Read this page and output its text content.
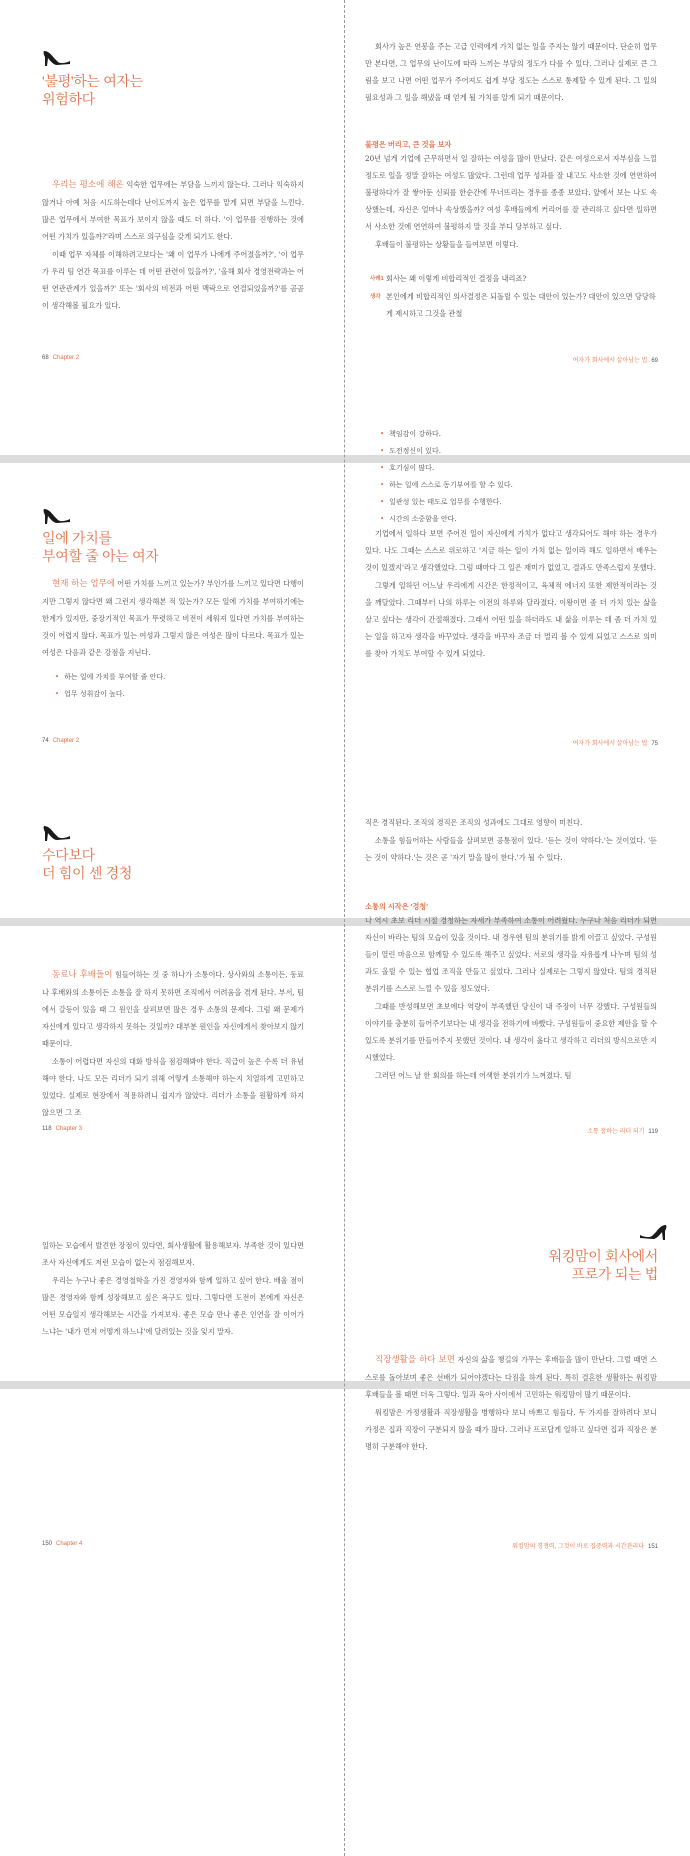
'불평'하는 여자는
위험하다

우리는 평소에 해온 익숙한 업무에는 부담을 느끼지 않는다. 그러나 익숙하지 않거나 아예 처음 시도하는데다 난이도까지 높은 업무를 맡게 되면 부담을 느낀다. 많은 업무에서 부여한 목표가 보이지 않을 때도 더 하다. '이 업무를 진행하는 것에 어떤 가치가 있을까?'라며 스스로 의구심을 갖게 되기도 한다.

이때 업무 자체를 이해하려고보다는 '왜 이 업무가 나에게 주어졌을까?', '이 업무가 우리 팀 연간 목표를 이루는 데 어떤 관련이 있을까?', '올해 회사 경영전략과는 어떤 연관관계가 있을까?' 또는 '회사의 비전과 어떤 맥락으로 연결되었을까?'를 곰곰이 생각해볼 필요가 있다.

68 Chapter 2

회사가 높은 연봉을 주는 고급 인력에게 가치 없는 일을 주지는 않기 때문이다. 단순히 업무만 본다면, 그 업무의 난이도에 따라 느끼는 부담의 정도가 다를 수 있다. 그러나 실제로 큰 그림을 보고 나면 어떤 업무가 주어져도 쉽게 부당 정도는 스스로 통제할 수 있게 된다. 그 일의 필요성과 그 일을 해냈을 때 얻게 될 가치를 알게 되기 때문이다.

불평은 버리고, 큰 것을 보자

20년 넘게 기업에 근무하면서 일 잘하는 여성을 많이 만났다. 같은 여성으로서 자부심을 느낄 정도로 일을 정말 잘하는 여성도 많았다. 그런데 업무 성과를 잘 내고도 사소한 것에 연연하여 불평하다가 잘 쌓아둔 신뢰를 한순간에 무너뜨리는 경우를 종종 보았다. 앞에서 보는 나도 속상했는데, 자신은 얼마나 속상했을까? 여성 후배들에게 커리어를 잘 관리하고 싶다면 일하면서 사소한 것에 연연하여 불평하지 말 것을 부디 당부하고 싶다.

후배들이 불평하는 상황들을 들여보면 이렇다.

사례1 회사는 왜 이렇게 비합리적인 결정을 내리죠?
생각 본인에게 비합리적인 의사결정은 되돌릴 수 있는 대안이 있는가? 대안이 있으면 당당하게 제시하고 그것을 관철
여자가 회사에서 살아남는 법 69
일에 가치를
부여할 줄 아는 여자

현재 하는 업무에 어떤 가치를 느끼고 있는가? 부인가를 느끼고 있다면 다행이지만 그렇지 않다면 왜 그런지 생각해본 적 있는가? 모든 일에 가치를 부여하기에는 한계가 있지만, 중장기적인 목표가 뚜렷하고 비전이 세워져 있다면 가치를 부여하는 것이 어렵지 않다. 목표가 있는 여성과 그렇지 않은 여성은 많이 다르다. 목표가 있는 여성은 다음과 같은 강점을 지닌다.

• 하는 일에 가치를 부여할 줄 안다.
• 업무 성취감이 높다.
74 Chapter 2
• 책임감이 강하다.
• 도전정신이 있다.
• 호기심이 많다.
• 하는 일에 스스로 동기부여를 할 수 있다.
• 일관성 있는 태도로 업무를 수행한다.
• 시간의 소중함을 안다.

기업에서 일하다 보면 주어진 일이 자신에게 가치가 없다고 생각되어도 해야 하는 경우가 있다. 나도 그때는 스스로 위로하고 '지금 하는 일이 가치 없는 일이라 해도 일하면서 배우는 것이 있겠지'라고 생각했었다. 그럼 때마다 그 일은 재미가 없었고, 결과도 만족스럽지 못했다.

그렇게 일하던 어느날 우리에게 시간은 한정적이고, 육체적 에너지 또한 제한적이라는 것을 깨달았다. 그때부터 나의 하루는 이전의 하루와 달라졌다. 이왕이면 좀 더 가치 있는 삶을 살고 싶다는 생각이 간절해졌다. 그래서 어떤 일을 하더라도 내 삶을 이루는 데 좀 더 가치 있는 일을 하고자 생각을 바꾸었다. 생각을 바꾸자 조금 더 멀리 볼 수 있게 되었고 스스로 의미를 찾아 가치도 부여할 수 있게 되었다.

여자가 회사에서 살아남는 법 75
수다보다
더 힘이 센 경청

동료나 후배들이 힘들어하는 것 중 하나가 소통이다. 상사와의 소통이든, 동료나 후배와의 소통이든 소통을 잘 하지 못하면 조직에서 어려움을 겪게 된다. 부서, 팀에서 갈등이 있을 때 그 원인을 살펴보면 많은 경우 소통의 문제다. 그럼 왜 문제가 자신에게 있다고 생각하지 못하는 것일까? 대부분 원인을 자신에게서 찾아보지 않기 때문이다.

소통이 어렵다면 자신의 대화 방식을 점검해봐야 한다. 직급이 높은 수록 더 유념해야 한다. 나도 모든 리더가 되기 위해 어떻게 소통해야 하는지 치열하게 고민하고 있었다. 실제로 현장에서 적용하려니 쉽지가 않았다. 리더가 소통을 원활하게 하지 않으면 그 조

118 Chapter 3

직은 경직된다. 조직의 경직은 조직의 성과에도 그대로 영향이 미친다.

소통을 힘들어하는 사람들을 살펴보면 공통점이 있다. '듣는 것이 약하다.'는 것이었다. '듣는 것이 약하다.'는 것은 곧 '자기 말을 많이 한다.'가 될 수 있다.

소통의 시작은 '경청'

나 역시 초보 리더 시절 경청하는 자세가 부족하여 소통이 어려웠다. 누구나 처음 리더가 되면 자신이 바라는 팀의 모습이 있을 것이다. 내 경우엔 팀의 분위기를 밝게 이끌고 싶었다. 구성원들이 열린 마음으로 함께할 수 있도록 해주고 싶었다. 서로의 생각을 자유롭게 나누며 팀의 성과도 올릴 수 있는 협업 조직을 만들고 싶었다. 그러나 실제로는 그렇지 않았다. 팀의 경직된 분위기를 스스로 느낄 수 있을 정도였다.

그때를 반성해보면 초보에다 역량이 부족했던 당신이 내 주장이 너무 강했다. 구성원들의 이야기를 충분히 들어주기보다는 내 생각을 전하기에 바빴다. 구성원들이 중요한 제안을 할 수 있도록 분위기를 만들어주지 못했던 것이다. 내 생각이 옳다고 생각하고 리더의 방식으로만 지시했었다.

그러던 어느 날 한 회의를 하는데 어색한 분위기가 느껴졌다. 팀

소통 잘하는 리더 되기 119

일하는 모습에서 발견한 장점이 있다면, 회사생활에 활용해보자. 부족한 것이 있다면 조사 자신에게도 저런 모습이 없는지 점검해보자.

우리는 누구나 좋은 경영철학을 가진 경영자와 함께 일하고 싶어 한다. 배울 점이 많은 경영자와 함께 성장해보고 싶은 욕구도 있다. 그렇다면 도전이 본에게 자신은 어떤 모습일지 생각해보는 시간을 가져보자. 좋은 모습 만나 좋은 인연을 잘 이어가느냐는 '내가 먼저 어떻게 하느냐'에 달려있는 것을 잊지 말자.

150 Chapter 4
워킹맘이 회사에서
프로가 되는 법

직장생활을 하다 보면 자신의 삶을 챙길의 가무는 후배들을 많이 만난다. 그럴 때면 스스로를 돌아보며 좋은 선배가 되어야겠다는 다짐을 하게 된다. 특히 결혼한 생활하는 워킹맘 후배들을 볼 때면 더욱 그렇다. 일과 육아 사이에서 고민하는 워킹맘이 많기 때문이다.

워킹맘은 가정생활과 직장생활을 병행하다 보니 바쁘고 힘들다. 두 가지를 잘하려다 보니 가정은 집과 직장이 구분되지 않을 때가 많다. 그러나 프로답게 일하고 싶다면 집과 직장은 분명히 구분해야 한다.

워킹맘의 경쟁력, 그것이 바로 집중력과 시간관리다 151
